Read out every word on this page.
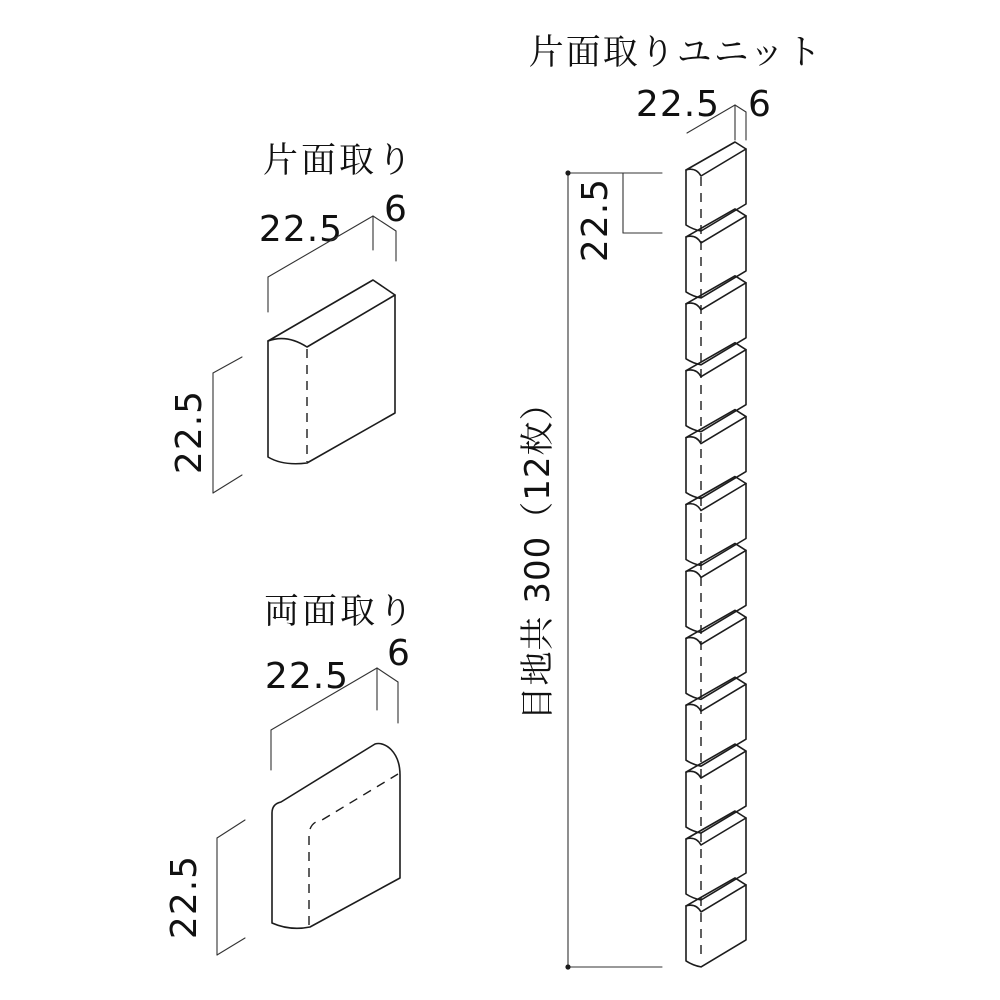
片面取り
22.5 6
22.5
両面取り
22.5
6
22.5
片面取りユニット
22.5 6
22.5
目地共 300（12枚）
